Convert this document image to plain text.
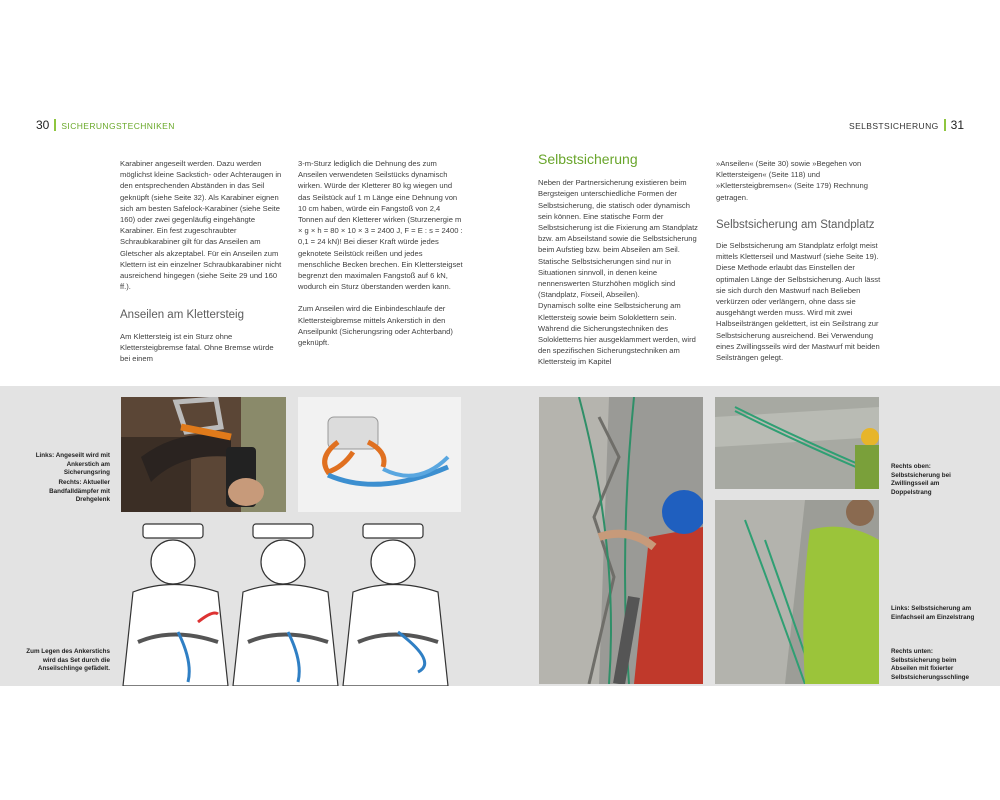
30 SICHERUNGSTECHNIKEN	SELBSTSICHERUNG 31

Karabiner angeseilt werden. Dazu werden möglichst kleine Sackstich- oder Achteraugen in den entsprechenden Abständen in das Seil geknüpft (siehe Seite 32). Als Karabiner eignen sich am besten Safelock-Karabiner (siehe Seite 160) oder zwei gegenläufig eingehängte Karabiner. Ein fest zugeschraubter Schraubkarabiner gilt für das Anseilen am Gletscher als akzeptabel. Für ein Anseilen zum Klettern ist ein einzelner Schraubkarabiner nicht ausreichend hingegen (siehe Seite 29 und 160 ff.).

Anseilen am Klettersteig

Am Klettersteig ist ein Sturz ohne Klettersteigbremse fatal. Ohne Bremse würde bei einem

3-m-Sturz lediglich die Dehnung des zum Anseilen verwendeten Seilstücks dynamisch wirken. Würde der Kletterer 80 kg wiegen und das Seilstück auf 1 m Länge eine Dehnung von 10 cm haben, würde ein Fangstoß von 2,4 Tonnen auf den Kletterer wirken (Sturzenergie m × g × h = 80 × 10 × 3 = 2400 J, F = E : s = 2400 : 0,1 = 24 kN)! Bei dieser Kraft würde jedes geknotete Seilstück reißen und jedes menschliche Becken brechen. Ein Klettersteigset begrenzt den maximalen Fangstoß auf 6 kN, wodurch ein Sturz überstanden werden kann.

Zum Anseilen wird die Einbindeschlaufe der Klettersteigbremse mittels Ankerstich in den Anseilpunkt (Sicherungsring oder Achterband) geknüpft.

Selbstsicherung

Neben der Partnersicherung existieren beim Bergsteigen unterschiedliche Formen der Selbstsicherung, die statisch oder dynamisch sein können. Eine statische Form der Selbstsicherung ist die Fixierung am Standplatz bzw. am Abseilstand sowie die Selbstsicherung beim Aufstieg bzw. beim Abseilen am Seil. Statische Selbstsicherungen sind nur in Situationen sinnvoll, in denen keine nennenswerten Sturzhöhen möglich sind (Standplatz, Fixseil, Abseilen).

Dynamisch sollte eine Selbstsicherung am Klettersteig sowie beim Soloklettern sein. Während die Sicherungstechniken des Solokletterns hier ausgeklammert werden, wird den spezifischen Sicherungstechniken am Klettersteig im Kapitel

»Anseilen« (Seite 30) sowie »Begehen von Klettersteigen« (Seite 118) und »Klettersteigbremsen« (Seite 179) Rechnung getragen.

Selbstsicherung am Standplatz

Die Selbstsicherung am Standplatz erfolgt meist mittels Kletterseil und Mastwurf (siehe Seite 19). Diese Methode erlaubt das Einstellen der optimalen Länge der Selbstsicherung. Auch lässt sie sich durch den Mastwurf nach Belieben verkürzen oder verlängern, ohne dass sie ausgehängt werden muss. Wird mit zwei Halbseilsträngen geklettert, ist ein Seilstrang zur Selbstsicherung ausreichend. Bei Verwendung eines Zwillingsseils wird der Mastwurf mit beiden Seilsträngen gelegt.

Links: Angeseilt wird mit Ankerstich am Sicherungsring
Rechts: Aktueller Bandfalldämpfer mit Drehgelenk
Zum Legen des Ankerstichs wird das Set durch die Anseilschlinge gefädelt.
Rechts oben: Selbstsicherung bei Zwillingsseil am Doppelstrang
Links: Selbstsicherung am Einfachseil am Einzelstrang
Rechts unten: Selbstsicherung beim Abseilen mit fixierter Selbstsicherungsschlinge
